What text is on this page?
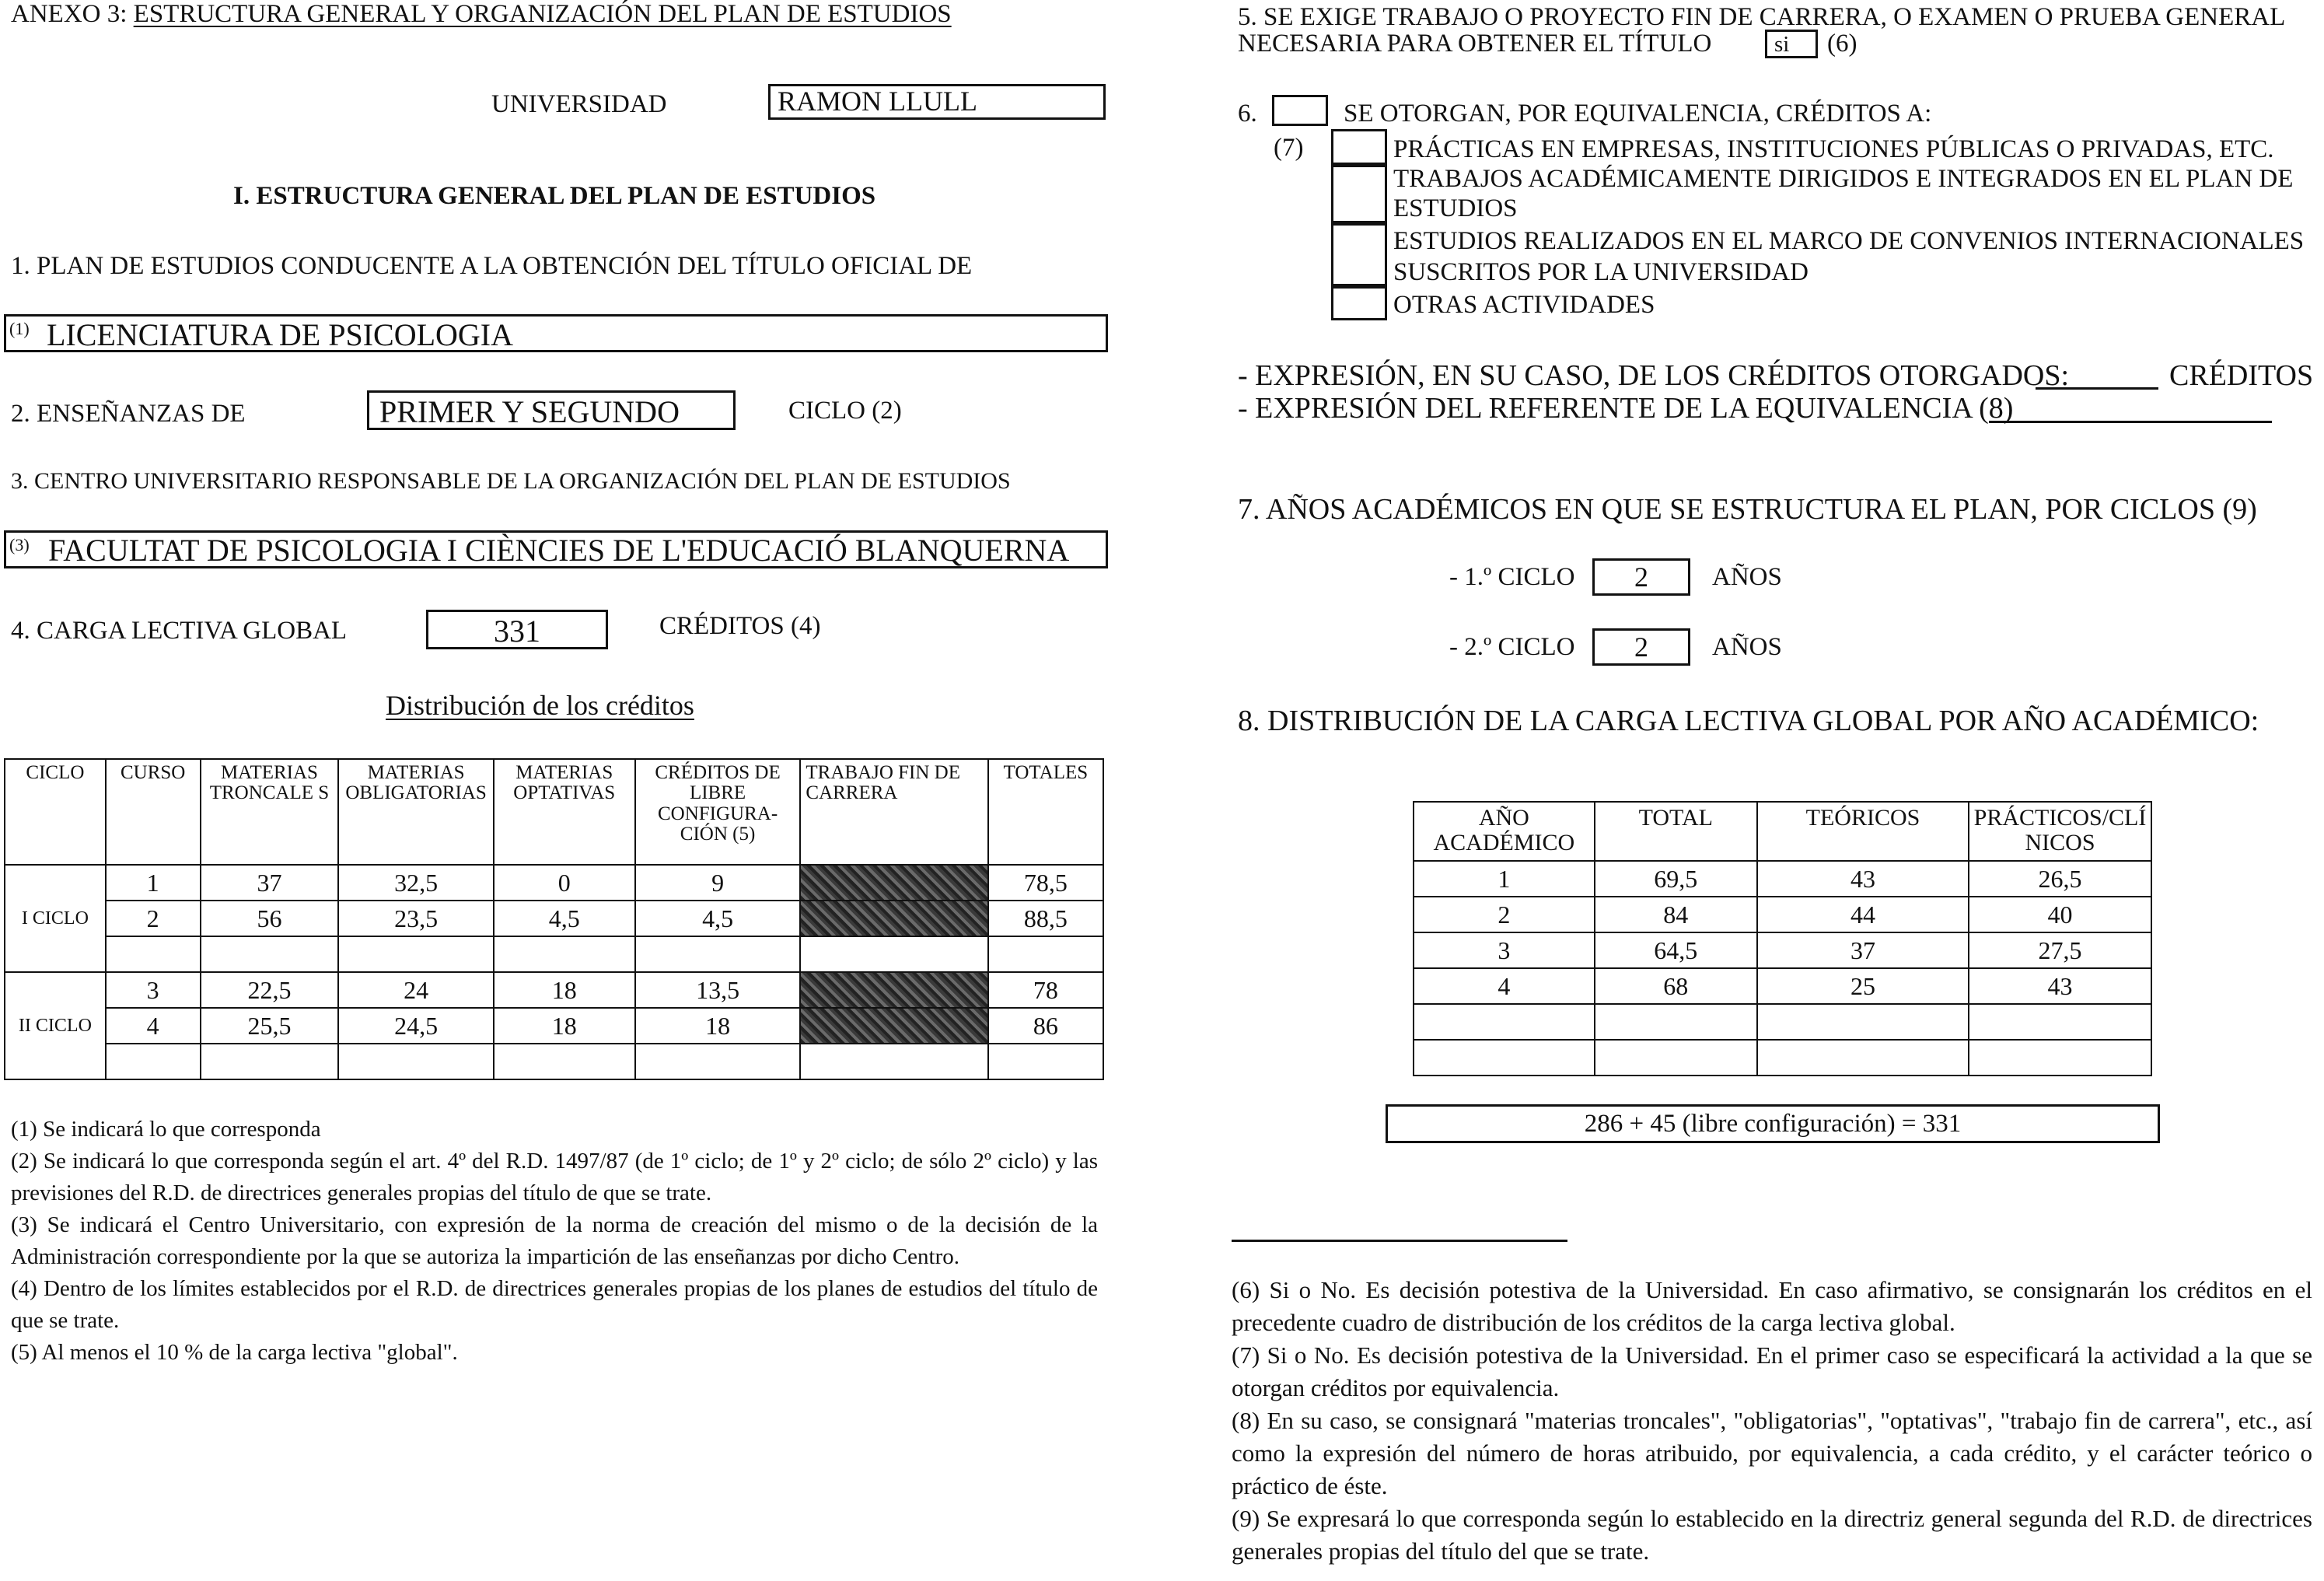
ANEXO 3: ESTRUCTURA GENERAL Y ORGANIZACIÓN DEL PLAN DE ESTUDIOS
UNIVERSIDAD	RAMON LLULL
I. ESTRUCTURA GENERAL DEL PLAN DE ESTUDIOS
1. PLAN DE ESTUDIOS CONDUCENTE A LA OBTENCIÓN DEL TÍTULO OFICIAL DE
(1) LICENCIATURA DE PSICOLOGIA
2. ENSEÑANZAS DE	PRIMER Y SEGUNDO	CICLO (2)
3. CENTRO UNIVERSITARIO RESPONSABLE DE LA ORGANIZACIÓN DEL PLAN DE ESTUDIOS
(3) FACULTAT DE PSICOLOGIA I CIÈNCIES DE L'EDUCACIÓ BLANQUERNA
4. CARGA LECTIVA GLOBAL	331	CRÉDITOS (4)
Distribución de los créditos
CICLO	CURSO	MATERIAS TRONCALE S	MATERIAS OBLIGATORIAS	MATERIAS OPTATIVAS	CRÉDITOS DE LIBRE CONFIGURA- CIÓN (5)	TRABAJO FIN DE CARRERA	TOTALES
I CICLO	1	37	32,5	0	9		78,5
	2	56	23,5	4,5	4,5		88,5

II CICLO	3	22,5	24	18	13,5		78
	4	25,5	24,5	18	18		86

(1) Se indicará lo que corresponda

(2) Se indicará lo que corresponda según el art. 4º del R.D. 1497/87 (de 1º ciclo; de 1º y 2º ciclo; de sólo 2º ciclo) y las previsiones del R.D. de directrices generales propias del título de que se trate.

(3) Se indicará el Centro Universitario, con expresión de la norma de creación del mismo o de la decisión de la Administración correspondiente por la que se autoriza la impartición de las enseñanzas por dicho Centro.

(4) Dentro de los límites establecidos por el R.D. de directrices generales propias de los planes de estudios del título de que se trate.

(5) Al menos el 10 % de la carga lectiva "global".

5. SE EXIGE TRABAJO O PROYECTO FIN DE CARRERA, O EXAMEN O PRUEBA GENERAL
NECESARIA PARA OBTENER EL TÍTULO	si (6)
6.	SE OTORGAN, POR EQUIVALENCIA, CRÉDITOS A:
(7)	PRÁCTICAS EN EMPRESAS, INSTITUCIONES PÚBLICAS O PRIVADAS, ETC.
TRABAJOS ACADÉMICAMENTE DIRIGIDOS E INTEGRADOS EN EL PLAN DE
ESTUDIOS
ESTUDIOS REALIZADOS EN EL MARCO DE CONVENIOS INTERNACIONALES
SUSCRITOS POR LA UNIVERSIDAD
OTRAS ACTIVIDADES
- EXPRESIÓN, EN SU CASO, DE LOS CRÉDITOS OTORGADOS:	CRÉDITOS
- EXPRESIÓN DEL REFERENTE DE LA EQUIVALENCIA (8)
7. AÑOS ACADÉMICOS EN QUE SE ESTRUCTURA EL PLAN, POR CICLOS (9)
- 1.º CICLO	2	AÑOS
- 2.º CICLO	2	AÑOS
8. DISTRIBUCIÓN DE LA CARGA LECTIVA GLOBAL POR AÑO ACADÉMICO:
AÑO ACADÉMICO	TOTAL	TEÓRICOS	PRÁCTICOS/CLÍ NICOS
1	69,5	43	26,5
2	84	44	40
3	64,5	37	27,5
4	68	25	43

286 + 45 (libre configuración) = 331

(6) Si o No. Es decisión potestiva de la Universidad. En caso afirmativo, se consignarán los créditos en el precedente cuadro de distribución de los créditos de la carga lectiva global.

(7) Si o No. Es decisión potestiva de la Universidad. En el primer caso se especificará la actividad a la que se otorgan créditos por equivalencia.

(8) En su caso, se consignará "materias troncales", "obligatorias", "optativas", "trabajo fin de carrera", etc., así como la expresión del número de horas atribuido, por equivalencia, a cada crédito, y el carácter teórico o práctico de éste.

(9) Se expresará lo que corresponda según lo establecido en la directriz general segunda del R.D. de directrices generales propias del título del que se trate.
